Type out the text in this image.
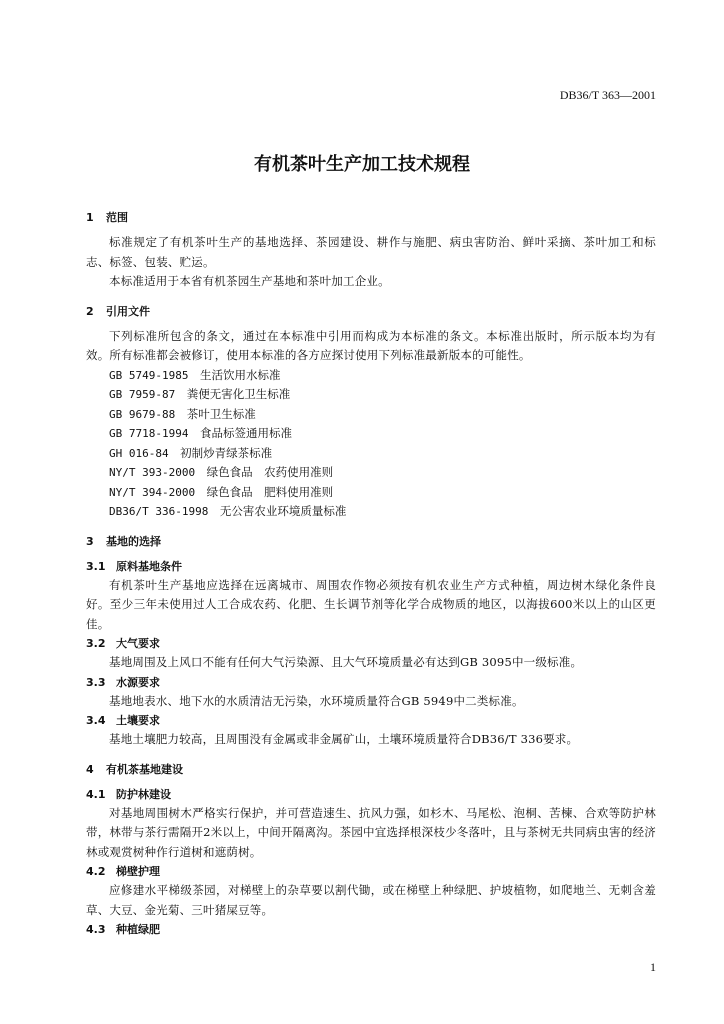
DB36/T 363—2001
有机茶叶生产加工技术规程
1 范围
标准规定了有机茶叶生产的基地选择、茶园建设、耕作与施肥、病虫害防治、鲜叶采摘、茶叶加工和标志、标签、包装、贮运。
本标准适用于本省有机茶园生产基地和茶叶加工企业。
2 引用文件
下列标准所包含的条文，通过在本标准中引用而构成为本标准的条文。本标准出版时，所示版本均为有效。所有标准都会被修订，使用本标准的各方应探讨使用下列标准最新版本的可能性。
GB 5749-1985　 生活饮用水标准
GB 7959-87　 粪便无害化卫生标准
GB 9679-88　 茶叶卫生标准
GB 7718-1994　 食品标签通用标准
GH 016-84　 初制炒青绿茶标准
NY/T 393-2000　 绿色食品　农药使用准则
NY/T 394-2000　 绿色食品　肥料使用准则
DB36/T 336-1998　 无公害农业环境质量标准
3 基地的选择
3.1 原料基地条件
有机茶叶生产基地应选择在远离城市、周围农作物必须按有机农业生产方式种植，周边树木绿化条件良好。至少三年未使用过人工合成农药、化肥、生长调节剂等化学合成物质的地区，以海拔600米以上的山区更佳。
3.2 大气要求
基地周围及上风口不能有任何大气污染源、且大气环境质量必有达到GB 3095中一级标准。
3.3 水源要求
基地地表水、地下水的水质清洁无污染，水环境质量符合GB 5949中二类标准。
3.4 土壤要求
基地土壤肥力较高，且周围没有金属或非金属矿山，土壤环境质量符合DB36/T 336要求。
4 有机茶基地建设
4.1 防护林建设
对基地周围树木严格实行保护，并可营造速生、抗风力强，如杉木、马尾松、泡桐、苦楝、合欢等防护林带，林带与茶行需隔开2米以上，中间开隔离沟。茶园中宜选择根深枝少冬落叶，且与茶树无共同病虫害的经济林或观赏树种作行道树和遮荫树。
4.2 梯壁护理
应修建水平梯级茶园，对梯壁上的杂草要以割代锄，或在梯壁上种绿肥、护坡植物，如爬地兰、无刺含羞草、大豆、金光菊、三叶猪屎豆等。
4.3 种植绿肥
1
